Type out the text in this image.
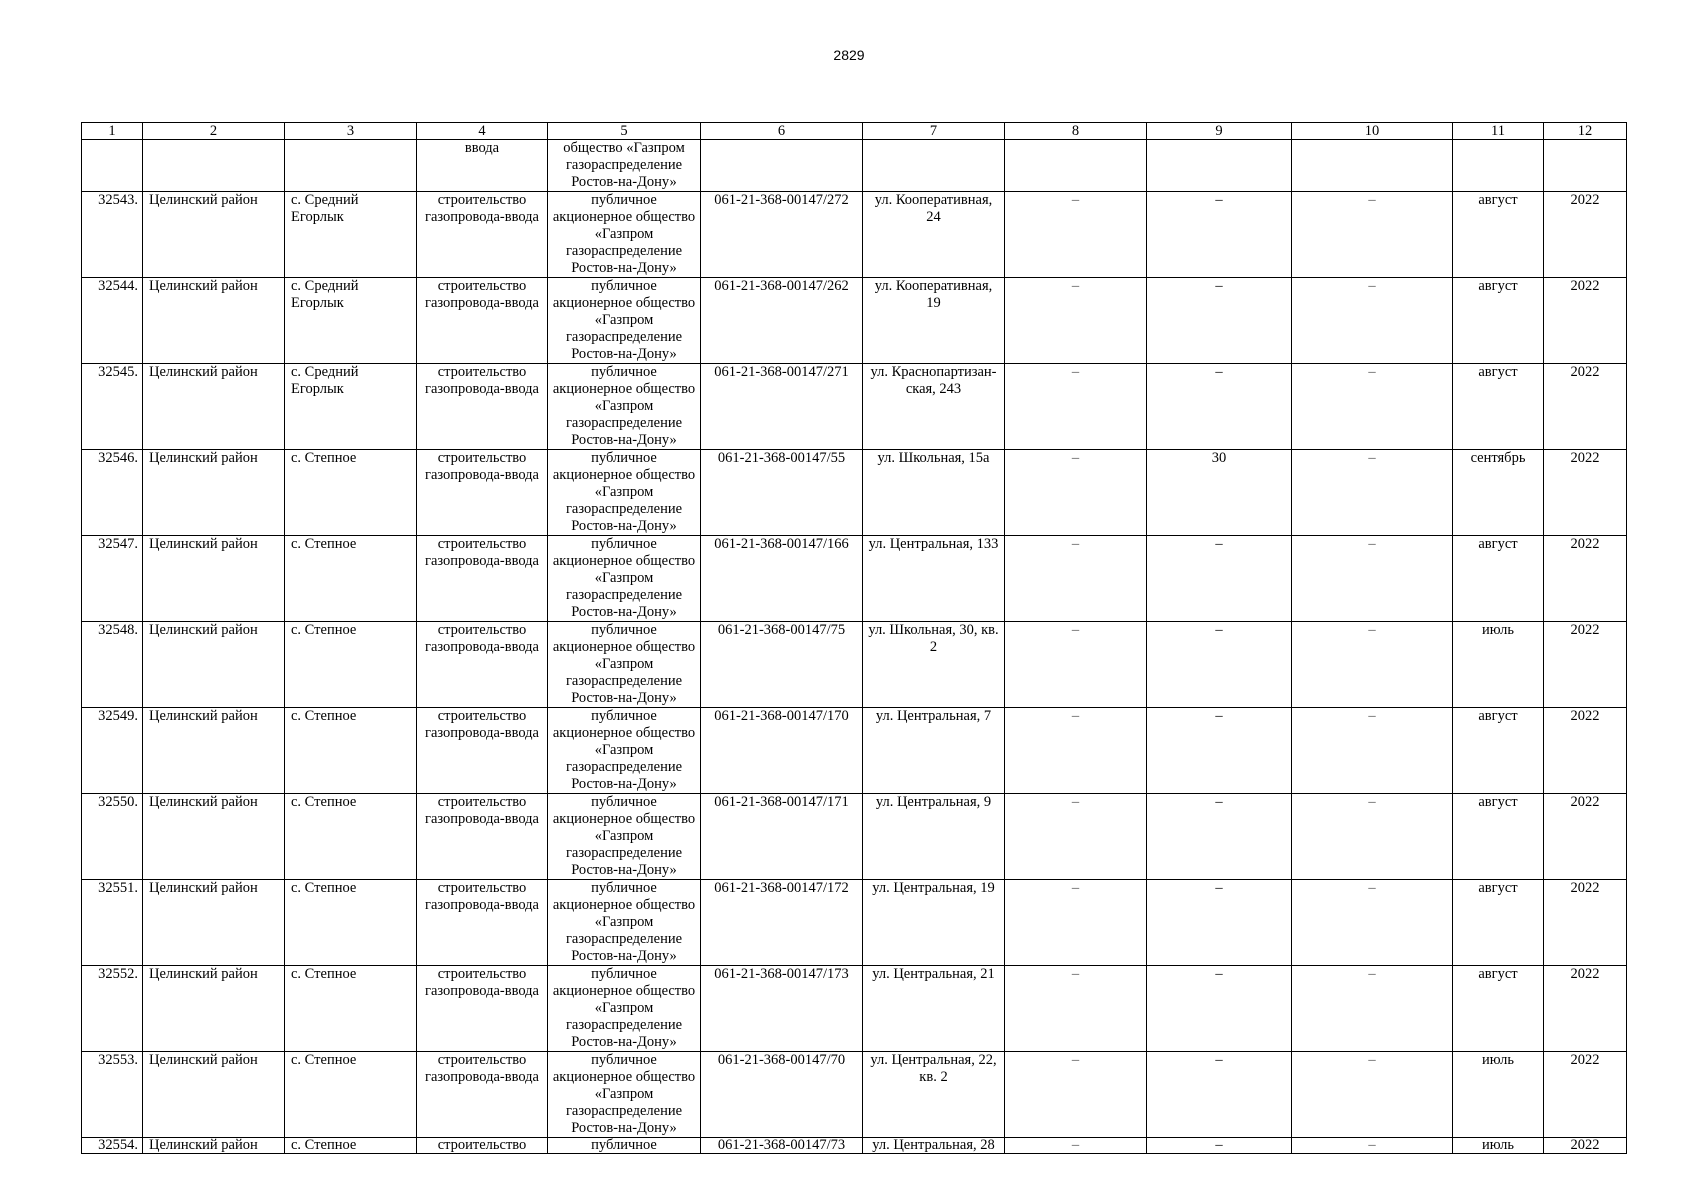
2829
1	2	3	4	5	6	7	8	9	10	11	12
			ввода	общество «Газпром газораспределение Ростов-на-Дону»							
32543.	Целинский район	с. Средний Егорлык	строительство газопровода-ввода	публичное акционерное общество «Газпром газораспределение Ростов-на-Дону»	061-21-368-00147/272	ул. Кооперативная, 24	–	–	–	август	2022
32544.	Целинский район	с. Средний Егорлык	строительство газопровода-ввода	публичное акционерное общество «Газпром газораспределение Ростов-на-Дону»	061-21-368-00147/262	ул. Кооперативная, 19	–	–	–	август	2022
32545.	Целинский район	с. Средний Егорлык	строительство газопровода-ввода	публичное акционерное общество «Газпром газораспределение Ростов-на-Дону»	061-21-368-00147/271	ул. Краснопартизан-ская, 243	–	–	–	август	2022
32546.	Целинский район	с. Степное	строительство газопровода-ввода	публичное акционерное общество «Газпром газораспределение Ростов-на-Дону»	061-21-368-00147/55	ул. Школьная, 15а	–	30	–	сентябрь	2022
32547.	Целинский район	с. Степное	строительство газопровода-ввода	публичное акционерное общество «Газпром газораспределение Ростов-на-Дону»	061-21-368-00147/166	ул. Центральная, 133	–	–	–	август	2022
32548.	Целинский район	с. Степное	строительство газопровода-ввода	публичное акционерное общество «Газпром газораспределение Ростов-на-Дону»	061-21-368-00147/75	ул. Школьная, 30, кв. 2	–	–	–	июль	2022
32549.	Целинский район	с. Степное	строительство газопровода-ввода	публичное акционерное общество «Газпром газораспределение Ростов-на-Дону»	061-21-368-00147/170	ул. Центральная, 7	–	–	–	август	2022
32550.	Целинский район	с. Степное	строительство газопровода-ввода	публичное акционерное общество «Газпром газораспределение Ростов-на-Дону»	061-21-368-00147/171	ул. Центральная, 9	–	–	–	август	2022
32551.	Целинский район	с. Степное	строительство газопровода-ввода	публичное акционерное общество «Газпром газораспределение Ростов-на-Дону»	061-21-368-00147/172	ул. Центральная, 19	–	–	–	август	2022
32552.	Целинский район	с. Степное	строительство газопровода-ввода	публичное акционерное общество «Газпром газораспределение Ростов-на-Дону»	061-21-368-00147/173	ул. Центральная, 21	–	–	–	август	2022
32553.	Целинский район	с. Степное	строительство газопровода-ввода	публичное акционерное общество «Газпром газораспределение Ростов-на-Дону»	061-21-368-00147/70	ул. Центральная, 22, кв. 2	–	–	–	июль	2022
32554.	Целинский район	с. Степное	строительство	публичное	061-21-368-00147/73	ул. Центральная, 28	–	–	–	июль	2022
